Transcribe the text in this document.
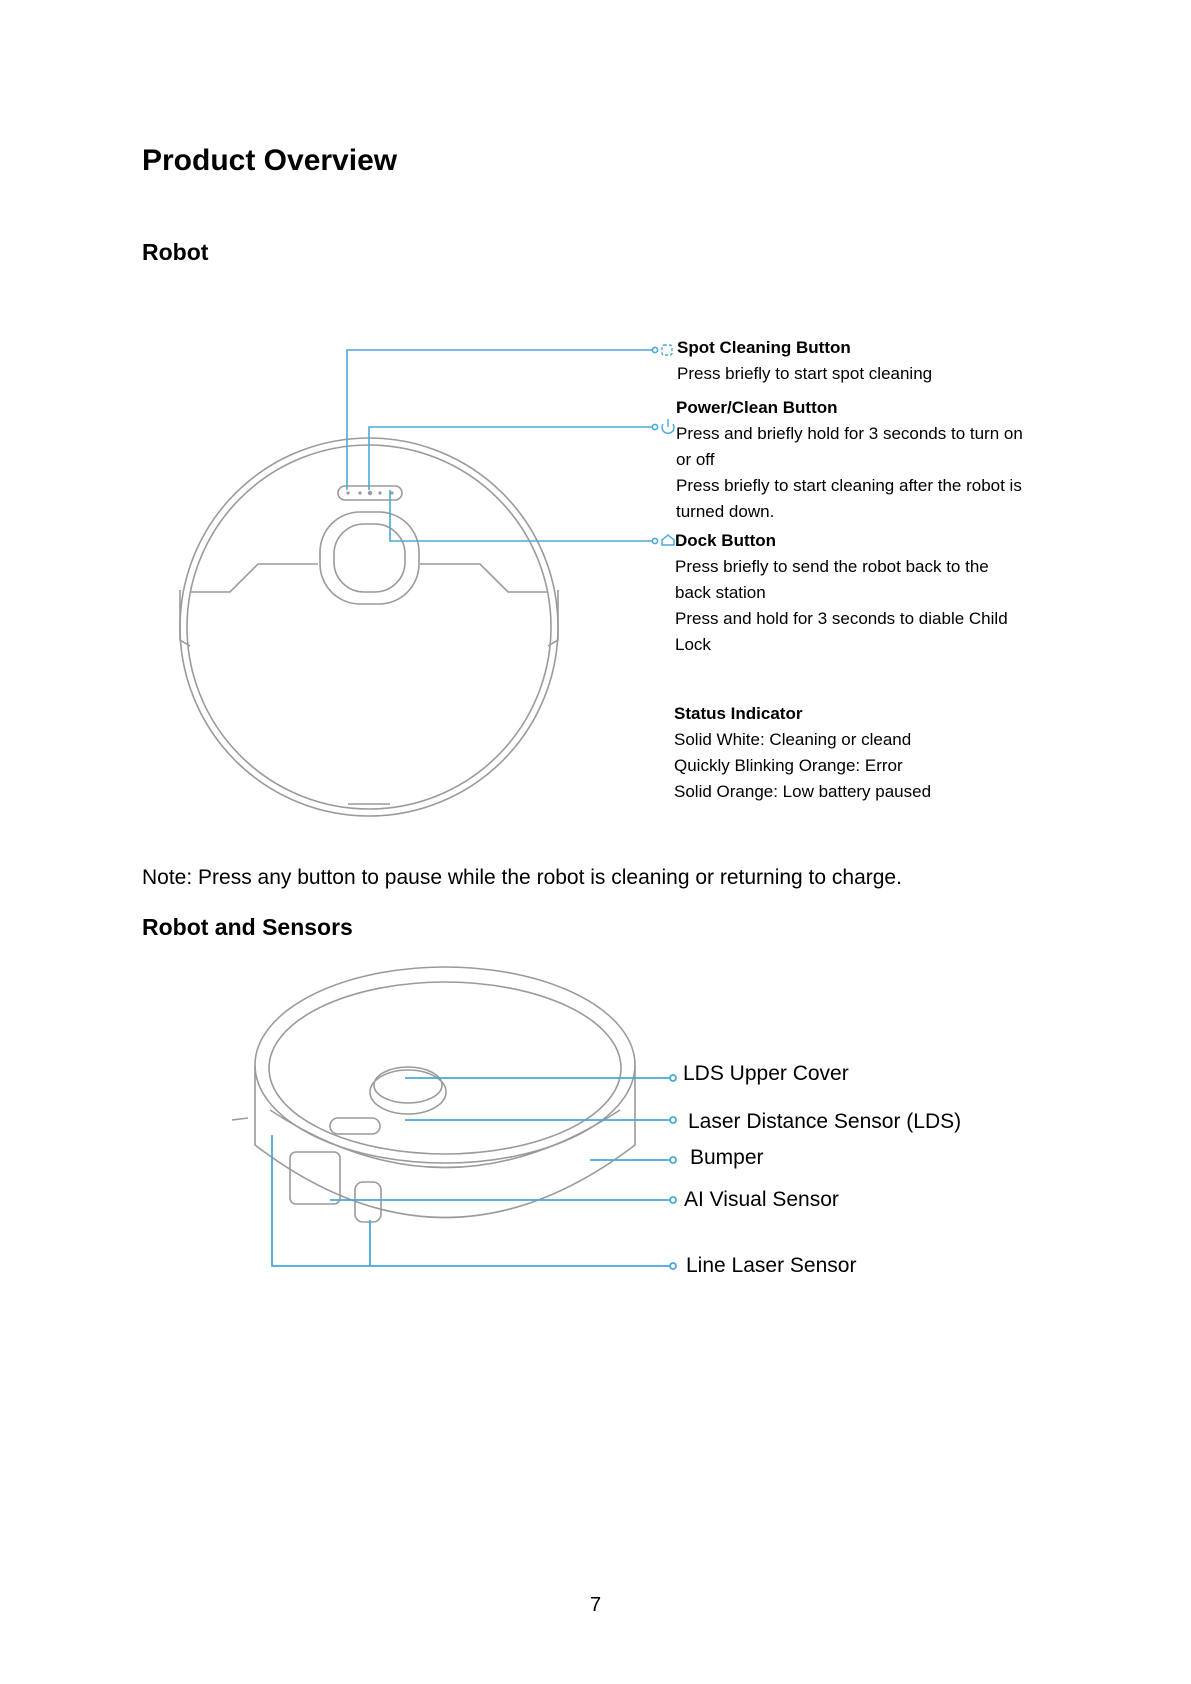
Product Overview
Robot
Spot Cleaning Button
Press briefly to start spot cleaning
Power/Clean Button
Press and briefly hold for 3 seconds to turn on
or off
Press briefly to start cleaning after the robot is
turned down.
Dock Button
Press briefly to send the robot back to the
back station
Press and hold for 3 seconds to diable Child
Lock
Status Indicator
Solid White: Cleaning or cleand
Quickly Blinking Orange: Error
Solid Orange: Low battery paused
Note: Press any button to pause while the robot is cleaning or returning to charge.
Robot and Sensors
LDS Upper Cover
Laser Distance Sensor (LDS)
Bumper
AI Visual Sensor
Line Laser Sensor
7
